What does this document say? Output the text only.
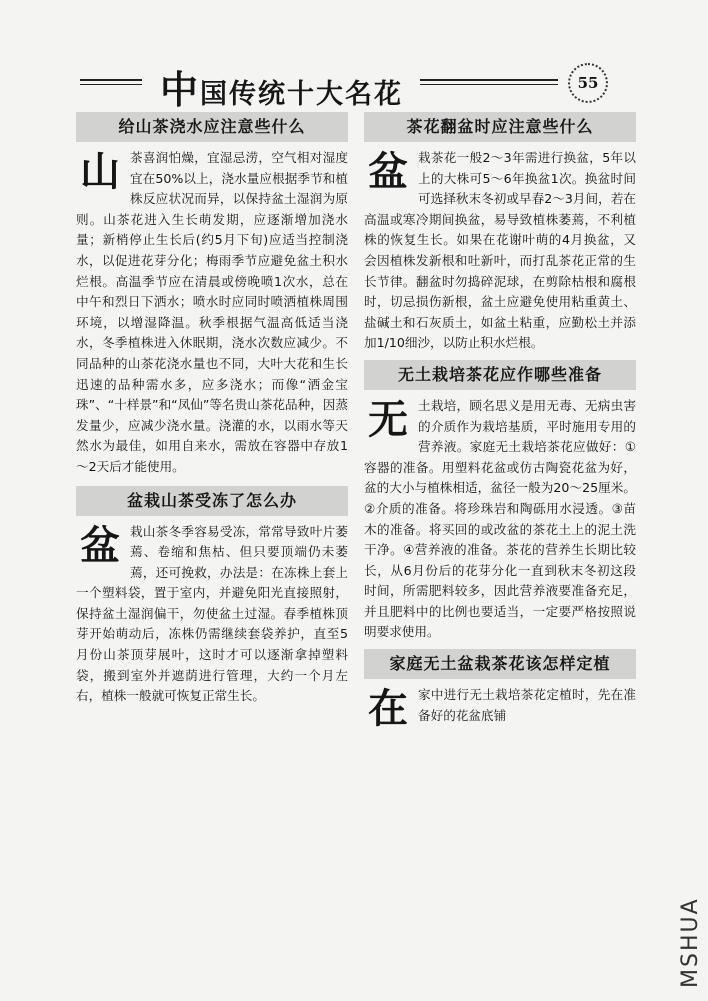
中国传统十大名花	55
给山茶浇水应注意些什么

山茶喜润怕燥，宜湿忌涝，空气相对湿度宜在50%以上，浇水量应根据季节和植株反应状况而异，以保持盆土湿润为原则。山茶花进入生长萌发期，应逐渐增加浇水量；新梢停止生长后(约5月下旬)应适当控制浇水，以促进花芽分化；梅雨季节应避免盆土积水烂根。高温季节应在清晨或傍晚喷1次水，总在中午和烈日下洒水；喷水时应同时喷洒植株周围环境，以增湿降温。秋季根据气温高低适当浇水，冬季植株进入休眠期，浇水次数应减少。不同品种的山茶花浇水量也不同，大叶大花和生长迅速的品种需水多，应多浇水；而像“洒金宝珠”、“十样景”和“凤仙”等名贵山茶花品种，因蒸发量少，应减少浇水量。浇灌的水，以雨水等天然水为最佳，如用自来水，需放在容器中存放1～2天后才能使用。

盆栽山茶受冻了怎么办

盆栽山茶冬季容易受冻，常常导致叶片萎蔫、卷缩和焦枯、但只要顶端仍未萎蔫，还可挽救，办法是：在冻株上套上一个塑料袋，置于室内，并避免阳光直接照射，保持盆土湿润偏干，勿使盆土过湿。春季植株顶芽开始萌动后，冻株仍需继续套袋养护，直至5月份山茶顶芽展叶，这时才可以逐渐拿掉塑料袋，搬到室外并遮荫进行管理，大约一个月左右，植株一般就可恢复正常生长。

茶花翻盆时应注意些什么

盆栽茶花一般2～3年需进行换盆，5年以上的大株可5～6年换盆1次。换盆时间可选择秋末冬初或早春2～3月间，若在高温或寒冷期间换盆，易导致植株萎蔫，不利植株的恢复生长。如果在花谢叶萌的4月换盆，又会因植株发新根和吐新叶，而打乱茶花正常的生长节律。翻盆时勿捣碎泥球，在剪除枯根和腐根时，切忌损伤新根，盆土应避免使用粘重黄土、盐碱土和石灰质土，如盆土粘重，应勤松土并添加1/10细沙，以防止积水烂根。

无土栽培茶花应作哪些准备

无土栽培，顾名思义是用无毒、无病虫害的介质作为栽培基质，平时施用专用的营养液。家庭无土栽培茶花应做好：①容器的准备。用塑料花盆或仿古陶瓷花盆为好，盆的大小与植株相适，盆径一般为20～25厘米。②介质的准备。将珍珠岩和陶砾用水浸透。③苗木的准备。将买回的或改盆的茶花土上的泥土洗干净。④营养液的准备。茶花的营养生长期比较长，从6月份后的花芽分化一直到秋末冬初这段时间，所需肥料较多，因此营养液要准备充足，并且肥料中的比例也要适当，一定要严格按照说明要求使用。

家庭无土盆栽茶花该怎样定植

在家中进行无土栽培茶花定植时，先在准备好的花盆底铺

MSHUA
